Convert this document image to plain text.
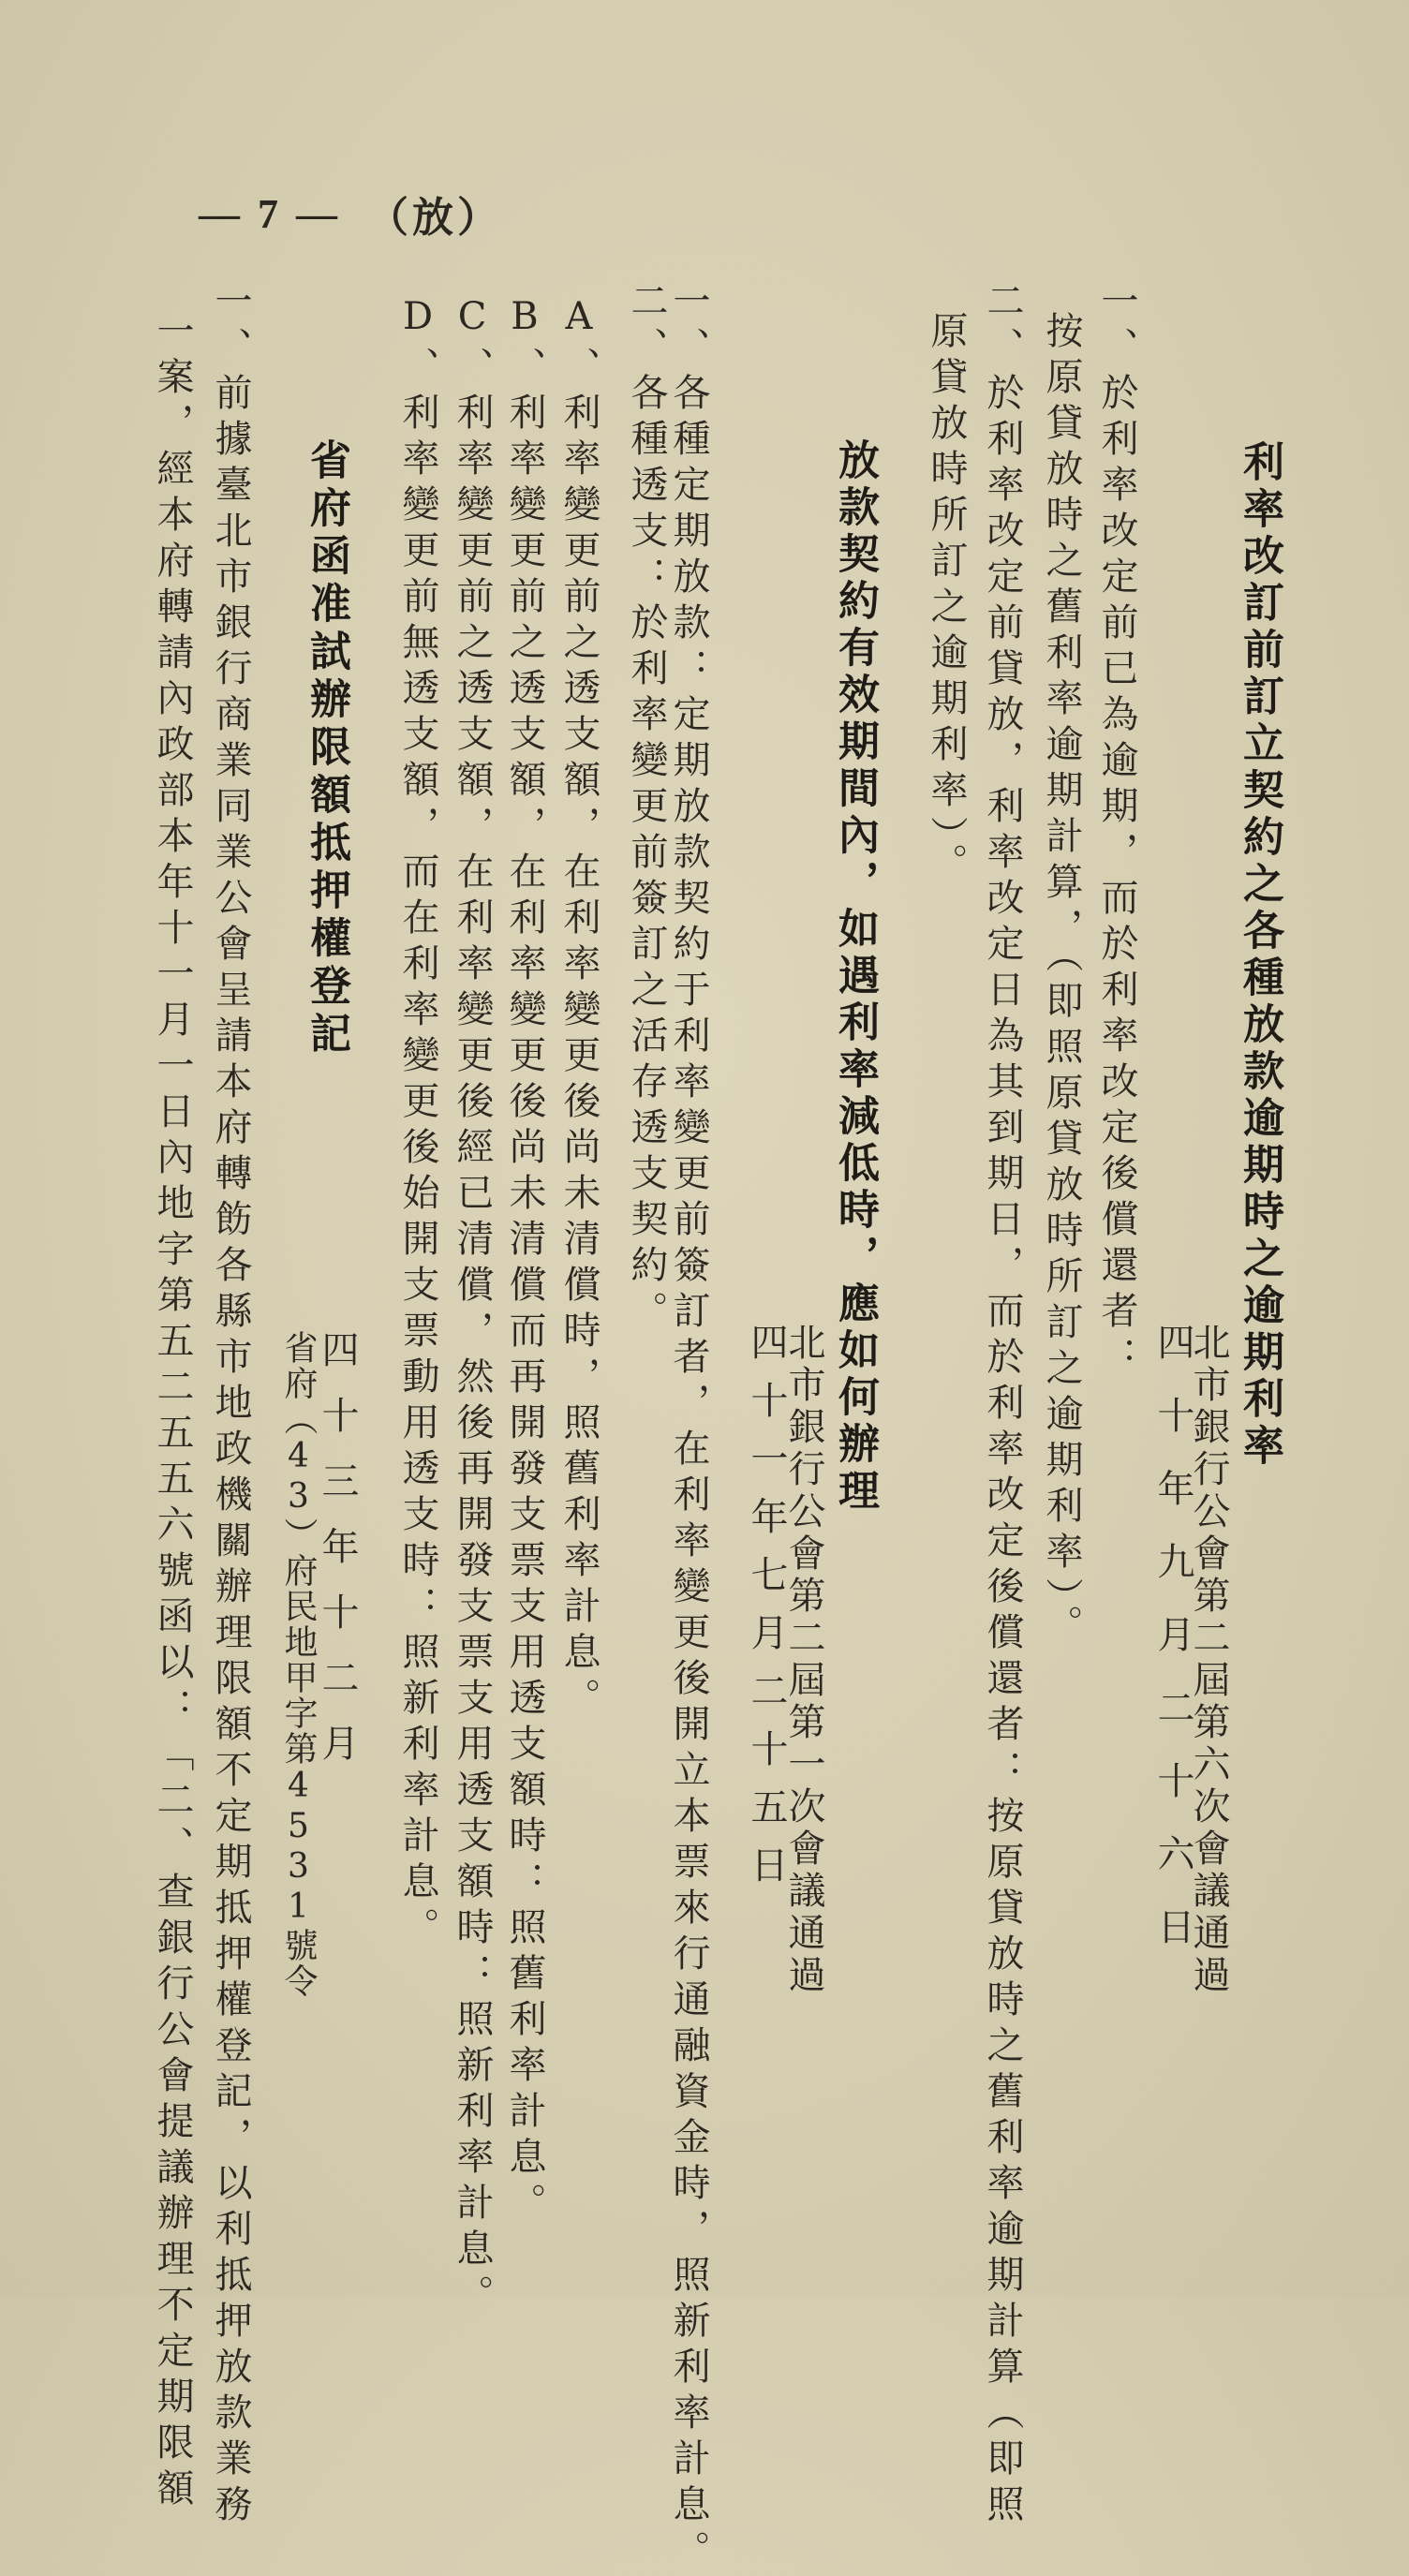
— 7 — （放）
利率改訂前訂立契約之各種放款逾期時之逾期利率
北市銀行公會第二屆第六次會議通過
四十年九月二十六日
一、於利率改定前已為逾期，而於利率改定後償還者：
按原貸放時之舊利率逾期計算，（即照原貸放時所訂之逾期利率）。
二、於利率改定前貸放，利率改定日為其到期日，而於利率改定後償還者：按原貸放時之舊利率逾期計算（即照
原貸放時所訂之逾期利率）。
放款契約有效期間內，如遇利率減低時，應如何辦理
北市銀行公會第二屆第一次會議通過
四十一年七月二十五日
一、各種定期放款：定期放款契約于利率變更前簽訂者，在利率變更後開立本票來行通融資金時，照新利率計息。
二、各種透支：於利率變更前簽訂之活存透支契約。
A、利率變更前之透支額，在利率變更後尚未清償時，照舊利率計息。
B、利率變更前之透支額，在利率變更後尚未清償而再開發支票支用透支額時：照舊利率計息。
C、利率變更前之透支額，在利率變更後經已清償，然後再開發支票支用透支額時：照新利率計息。
D、利率變更前無透支額，而在利率變更後始開支票動用透支時：照新利率計息。
省府函准試辦限額抵押權登記
四十三年十二月
省府（43）府民地甲字第4531號令
一、前據臺北市銀行商業同業公會呈請本府轉飭各縣市地政機關辦理限額不定期抵押權登記，以利抵押放款業務
一案，經本府轉請內政部本年十一月一日內地字第五二五五六號函以：「二、查銀行公會提議辦理不定期限額
